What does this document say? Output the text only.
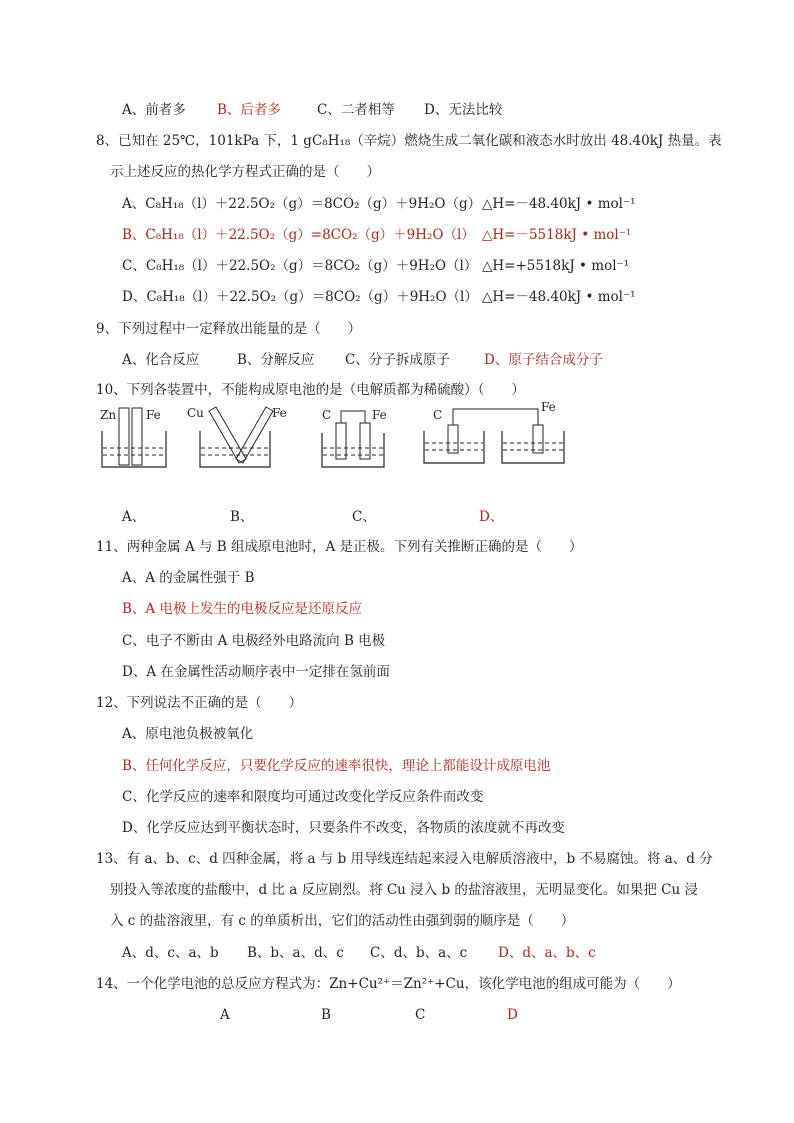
A、前者多 B、后者多	C、二者相等 D、无法比较
8、已知在 25℃，101kPa 下，1 gC₈H₁₈（辛烷）燃烧生成二氧化碳和液态水时放出 48.40kJ 热量。表
示上述反应的热化学方程式正确的是（　　）
A、C₈H₁₈（l）＋22.5O₂（g）＝8CO₂（g）＋9H₂O（g） △H=－48.40kJ • mol⁻¹
B、C₈H₁₈（l）＋22.5O₂（g）=8CO₂（g）＋9H₂O（l） △H=－5518kJ • mol⁻¹
C、C₈H₁₈（l）＋22.5O₂（g）＝8CO₂（g）＋9H₂O（l） △H=+5518kJ • mol⁻¹
D、C₈H₁₈（l）＋22.5O₂（g）＝8CO₂（g）＋9H₂O（l） △H=－48.40kJ • mol⁻¹
9、下列过程中一定释放出能量的是（　　）
A、化合反应	B、分解反应 C、分子拆成原子	D、原子结合成分子
10、下列各装置中，不能构成原电池的是（电解质都为稀硫酸）（　　）
Zn Fe Cu	Fe	C	Fe	C
Fe
A、	B、	C、	D、
11、两种金属 A 与 B 组成原电池时，A 是正极。下列有关推断正确的是（　　）
A、A 的金属性强于 B
B、A 电极上发生的电极反应是还原反应
C、电子不断由 A 电极经外电路流向 B 电极
D、A 在金属性活动顺序表中一定排在氢前面
12、下列说法不正确的是（　　）
A、原电池负极被氧化
B、任何化学反应，只要化学反应的速率很快，理论上都能设计成原电池
C、化学反应的速率和限度均可通过改变化学反应条件而改变
D、化学反应达到平衡状态时，只要条件不改变，各物质的浓度就不再改变
13、有 a、b、c、d 四种金属，将 a 与 b 用导线连结起来浸入电解质溶液中，b 不易腐蚀。将 a、d 分
别投入等浓度的盐酸中，d 比 a 反应剧烈。将 Cu 浸入 b 的盐溶液里，无明显变化。如果把 Cu 浸
入 c 的盐溶液里，有 c 的单质析出，它们的活动性由强到弱的顺序是（　　）
A、d、c、a、b B、b、a、d、c C、d、b、a、c D、d、a、b、c
14、一个化学电池的总反应方程式为：Zn+Cu²⁺＝Zn²⁺+Cu，该化学电池的组成可能为（　　）
A	B	C	D
